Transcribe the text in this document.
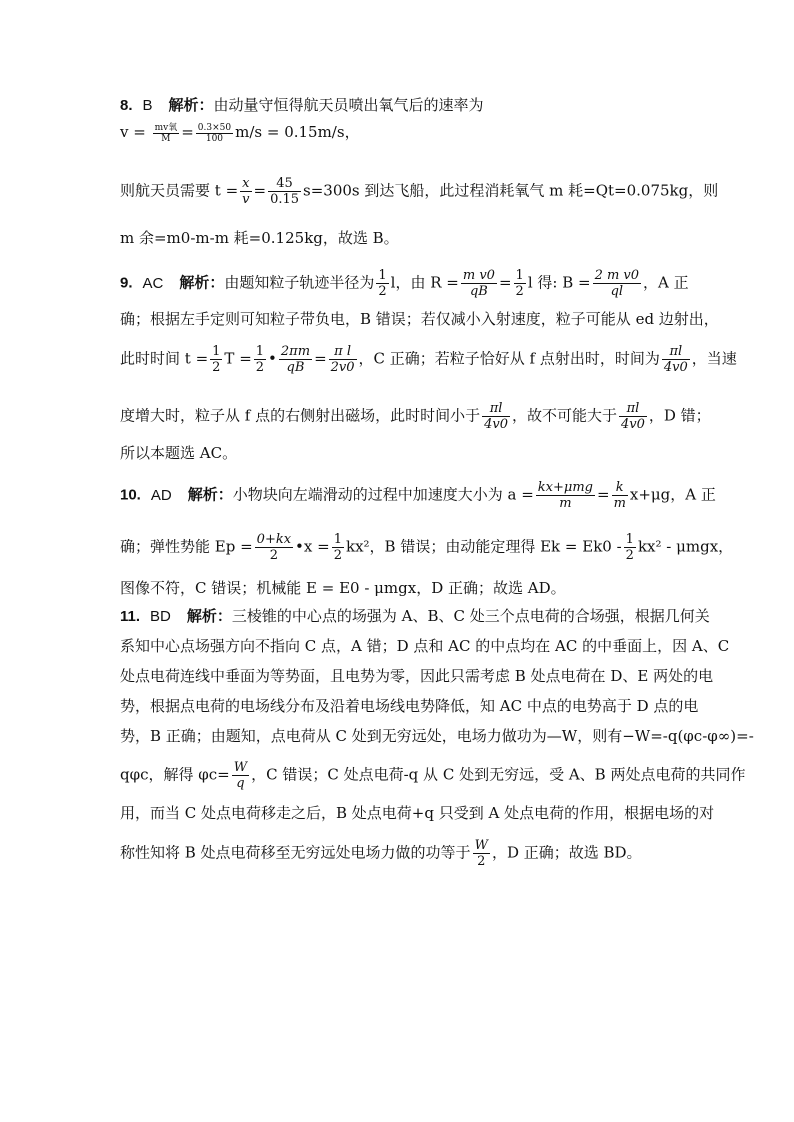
8. B 解析：由动量守恒得航天员喷出氧气后的速率为
$v = \frac{\text{mv氧}}{M} = \frac{0.3\times 50}{100} m/s = 0.15m/s$，
则航天员需要 $t = \frac{x}{v} = \frac{45}{0.15} s=300s$ 到达飞船，此过程消耗氧气 m 耗=Qt=0.075kg，则
m 余=m0-m-m 耗=0.125kg，故选 B。
9. AC 解析：由题知粒子轨迹半径为 $\frac{1}{2}$ l，由 $R = \frac{\text{m v0}}{qB} = \frac{1}{2}$ l 得: $B = \frac{\text{2 m v0}}{ql}$ ，A 正
确；根据左手定则可知粒子带负电，B 错误；若仅减小入射速度，粒子可能从 ed 边射出，
此时时间 $t = \frac{1}{2}$ $T = \frac{1}{2}$ • $\frac{2\pi m}{qB} = \frac{\text{π l}}{2v0}$ ，C 正确；若粒子恰好从 f 点射出时，时间为 $\frac{\pi l}{4v0}$ ，当速
度增大时，粒子从 f 点的右侧射出磁场，此时时间小于 $\frac{\pi l}{4v0}$ ，故不可能大于 $\frac{\pi l}{4v0}$ ，D 错；
所以本题选 AC。
10. AD 解析：小物块向左端滑动的过程中加速度大小为 $a = \frac{\text{kx+μmg}}{m} = \frac{k}{m} x+\mu g$，A 正
确；弹性势能 $Ep = \frac{0+kx}{2}$ •x = $\frac{1}{2} kx^2$，B 错误；由动能定理得 $Ek = Ek0 - \frac{1}{2} kx^2 - \mu mgx$，
图像不符，C 错误；机械能 E = E0 - μmgx，D 正确；故选 AD。
11. BD 解析：三棱锥的中心点的场强为 A、B、C 处三个点电荷的合场强，根据几何关
系知中心点场强方向不指向 C 点，A 错；D 点和 AC 的中点均在 AC 的中垂面上，因 A、C
处点电荷连线中垂面为等势面，且电势为零，因此只需考虑 B 处点电荷在 D、E 两处的电
势，根据点电荷的电场线分布及沿着电场线电势降低，知 AC 中点的电势高于 D 点的电
势，B 正确；由题知，点电荷从 C 处到无穷远处，电场力做功为—W，则有−W=-q(φc-φ∞)=-
qφc，解得 $\varphi c= \frac{W}{q}$ ，C 错误；C 处点电荷-q 从 C 处到无穷远，受 A、B 两处点电荷的共同作
用，而当 C 处点电荷移走之后，B 处点电荷+q 只受到 A 处点电荷的作用，根据电场的对
称性知将 B 处点电荷移至无穷远处电场力做的功等于 $\frac{W}{2}$ ，D 正确；故选 BD。
